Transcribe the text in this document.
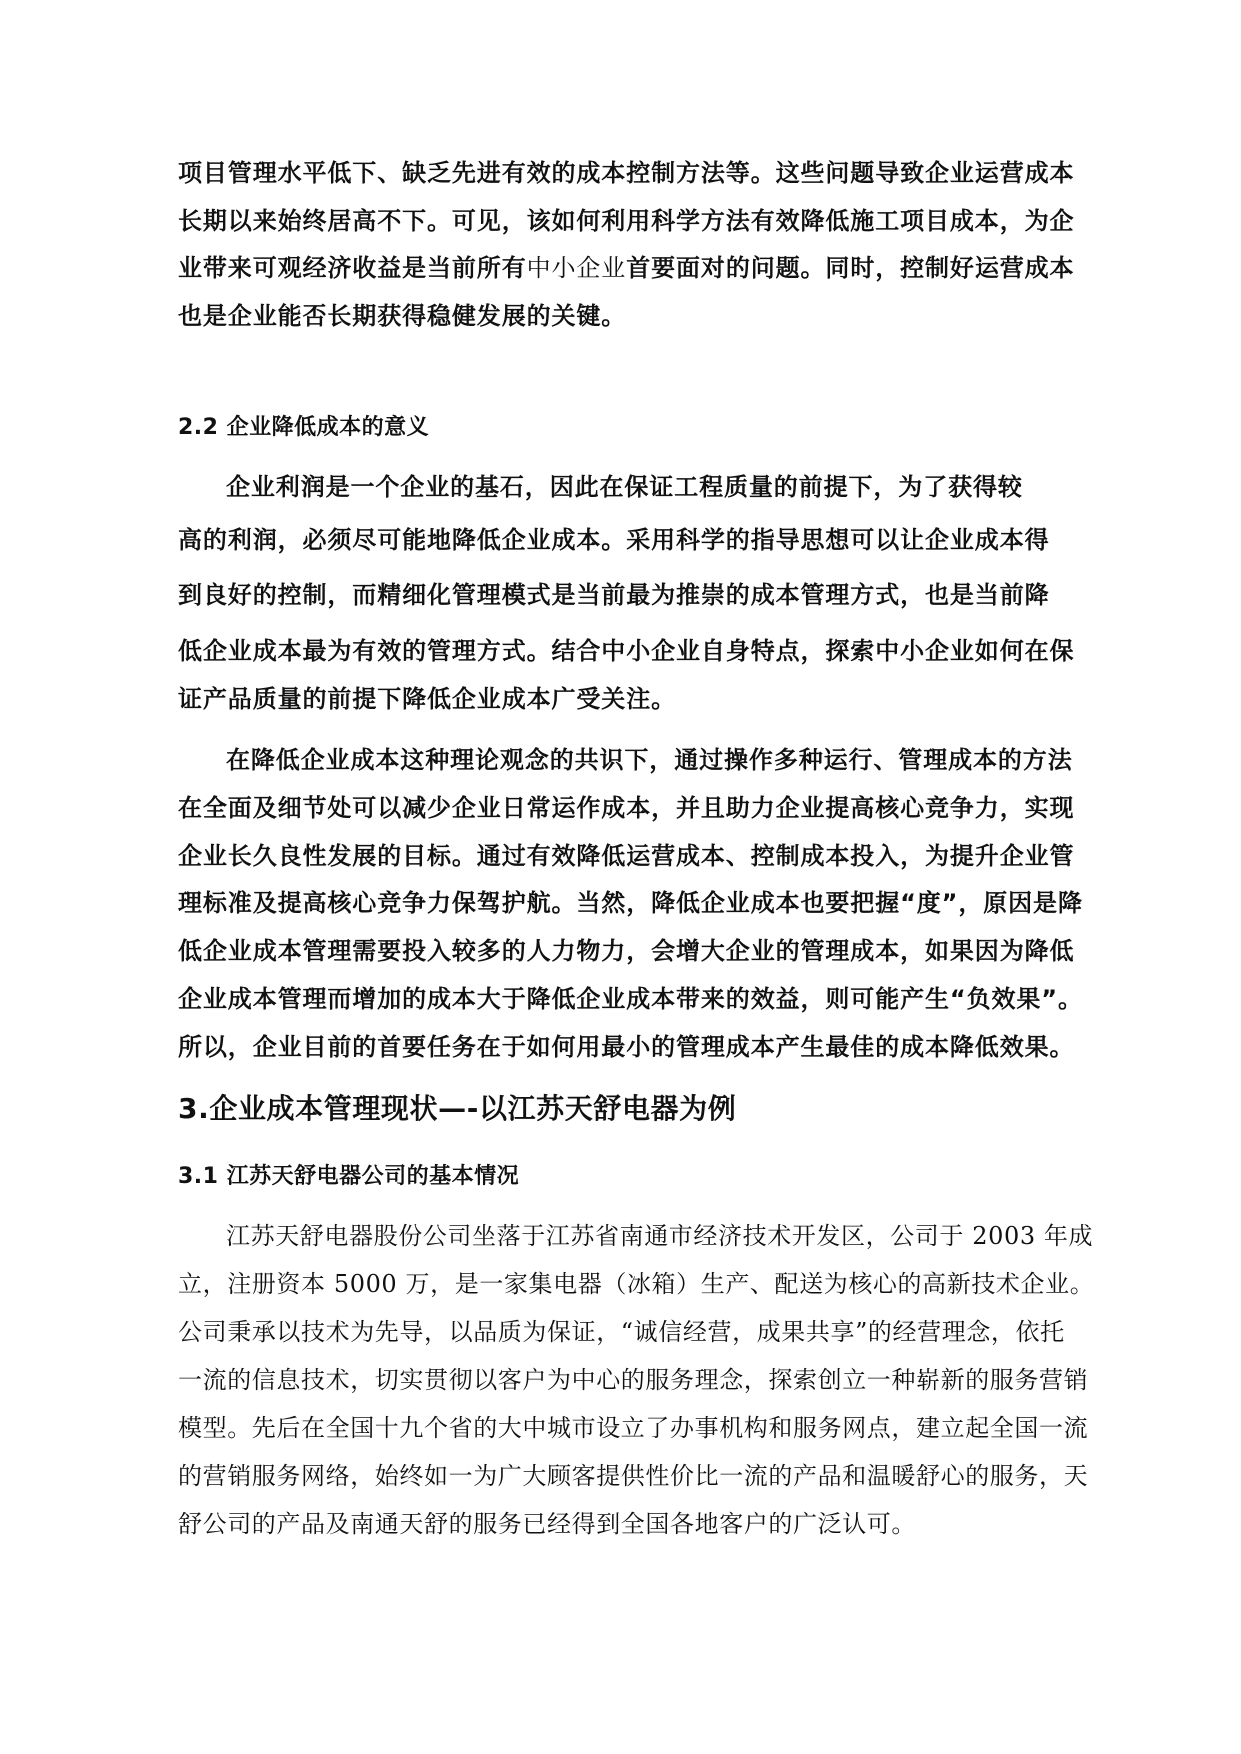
项目管理水平低下、缺乏先进有效的成本控制方法等。这些问题导致企业运营成本
长期以来始终居高不下。可见，该如何利用科学方法有效降低施工项目成本，为企
业带来可观经济收益是当前所有中小企业首要面对的问题。同时，控制好运营成本
也是企业能否长期获得稳健发展的关键。
2.2 企业降低成本的意义
企业利润是一个企业的基石，因此在保证工程质量的前提下，为了获得较
高的利润，必须尽可能地降低企业成本。采用科学的指导思想可以让企业成本得
到良好的控制，而精细化管理模式是当前最为推崇的成本管理方式，也是当前降
低企业成本最为有效的管理方式。结合中小企业自身特点，探索中小企业如何在保
证产品质量的前提下降低企业成本广受关注。
在降低企业成本这种理论观念的共识下，通过操作多种运行、管理成本的方法
在全面及细节处可以减少企业日常运作成本，并且助力企业提高核心竞争力，实现
企业长久良性发展的目标。通过有效降低运营成本、控制成本投入，为提升企业管
理标准及提高核心竞争力保驾护航。当然，降低企业成本也要把握“度”，原因是降
低企业成本管理需要投入较多的人力物力，会增大企业的管理成本，如果因为降低
企业成本管理而增加的成本大于降低企业成本带来的效益，则可能产生“负效果”。
所以，企业目前的首要任务在于如何用最小的管理成本产生最佳的成本降低效果。
3.企业成本管理现状—-以江苏天舒电器为例
3.1 江苏天舒电器公司的基本情况
江苏天舒电器股份公司坐落于江苏省南通市经济技术开发区，公司于 2003 年成
立，注册资本 5000 万，是一家集电器（冰箱）生产、配送为核心的高新技术企业。
公司秉承以技术为先导，以品质为保证，“诚信经营，成果共享”的经营理念，依托
一流的信息技术，切实贯彻以客户为中心的服务理念，探索创立一种崭新的服务营销
模型。先后在全国十九个省的大中城市设立了办事机构和服务网点，建立起全国一流
的营销服务网络，始终如一为广大顾客提供性价比一流的产品和温暖舒心的服务，天
舒公司的产品及南通天舒的服务已经得到全国各地客户的广泛认可。
